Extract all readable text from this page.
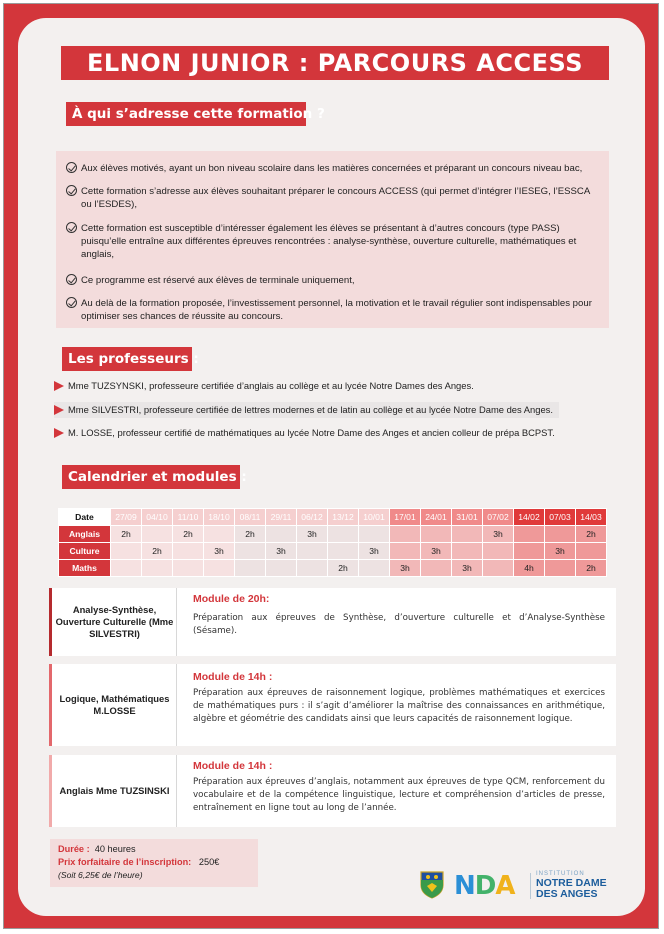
ELNON JUNIOR : PARCOURS ACCESS
À qui s’adresse cette formation ?
Aux élèves motivés, ayant un bon niveau scolaire dans les matières concernées et préparant un concours niveau bac,
Cette formation s’adresse aux élèves souhaitant préparer le concours ACCESS (qui permet d’intégrer l’IESEG, l’ESSCA ou l’ESDES),
Cette formation est susceptible d’intéresser également les élèves se présentant à d’autres concours (type PASS) puisqu’elle entraîne aux différentes épreuves rencontrées : analyse-synthèse, ouverture culturelle, mathématiques et anglais,
Ce programme est réservé aux élèves de terminale uniquement,
Au delà de la formation proposée, l’investissement personnel, la motivation et le travail régulier sont indispensables pour optimiser ses chances de réussite au concours.
Les professeurs :
Mme TUZSYNSKI, professeure certifiée d’anglais au collège et au lycée Notre Dames des Anges.
Mme SILVESTRI, professeure certifiée de lettres modernes et de latin au collège et au lycée Notre Dame des Anges.
M. LOSSE, professeur certifié de mathématiques au lycée Notre Dame des Anges et ancien colleur de prépa BCPST.
Calendrier et modules :
Date	27/09	04/10	11/10	18/10	08/11	29/11	06/12	13/12	10/01	17/01	24/01	31/01	07/02	14/02	07/03	14/03
Anglais	2h		2h		2h		3h						3h			2h
Culture		2h		3h		3h			3h		3h				3h	
Maths								2h		3h		3h		4h		2h
Analyse-Synthèse, Ouverture Culturelle (Mme SILVESTRI)
Module de 20h:
Préparation aux épreuves de Synthèse, d’ouverture culturelle et d’Analyse-Synthèse (Sésame).
Logique, Mathématiques M.LOSSE
Module de 14h :
Préparation aux épreuves de raisonnement logique, problèmes mathématiques et exercices de mathématiques purs : il s’agit d’améliorer la maîtrise des connaissances en arithmétique, algèbre et géométrie des candidats ainsi que leurs capacités de raisonnement logique.
Anglais Mme TUZSINSKI
Module de 14h :
Préparation aux épreuves d’anglais, notamment aux épreuves de type QCM, renforcement du vocabulaire et de la compétence linguistique, lecture et compréhension d’articles de presse, entraînement en ligne tout au long de l’année.
Durée : 40 heures
Prix forfaitaire de l’inscription: 250€
(Soit 6,25€ de l’heure)	NDA	INSTITUTION
NOTRE DAME
DES ANGES
